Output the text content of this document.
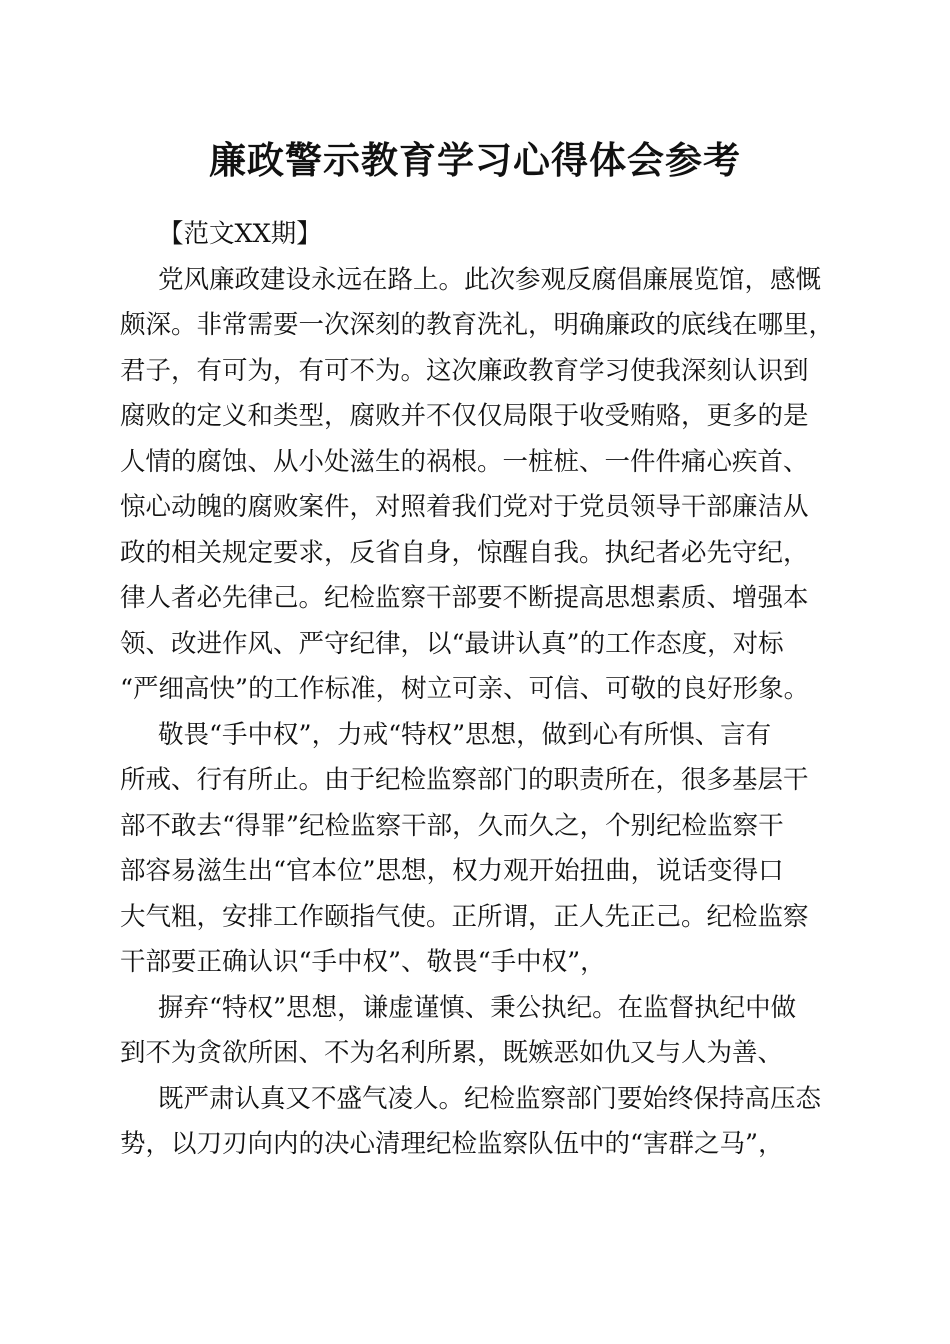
廉政警示教育学习心得体会参考
【范文XX期】
党风廉政建设永远在路上。此次参观反腐倡廉展览馆，感慨
颇深。非常需要一次深刻的教育洗礼，明确廉政的底线在哪里，
君子，有可为，有可不为。这次廉政教育学习使我深刻认识到
腐败的定义和类型，腐败并不仅仅局限于收受贿赂，更多的是
人情的腐蚀、从小处滋生的祸根。一桩桩、一件件痛心疾首、
惊心动魄的腐败案件，对照着我们党对于党员领导干部廉洁从
政的相关规定要求，反省自身，惊醒自我。执纪者必先守纪，
律人者必先律己。纪检监察干部要不断提高思想素质、增强本
领、改进作风、严守纪律，以“最讲认真”的工作态度，对标
“严细高快”的工作标准，树立可亲、可信、可敬的良好形象。
敬畏“手中权”，力戒“特权”思想，做到心有所惧、言有
所戒、行有所止。由于纪检监察部门的职责所在，很多基层干
部不敢去“得罪”纪检监察干部，久而久之，个别纪检监察干
部容易滋生出“官本位”思想，权力观开始扭曲，说话变得口
大气粗，安排工作颐指气使。正所谓，正人先正己。纪检监察
干部要正确认识“手中权”、敬畏“手中权”，
摒弃“特权”思想，谦虚谨慎、秉公执纪。在监督执纪中做
到不为贪欲所困、不为名利所累，既嫉恶如仇又与人为善、
既严肃认真又不盛气凌人。纪检监察部门要始终保持高压态
势，以刀刃向内的决心清理纪检监察队伍中的“害群之马”，
